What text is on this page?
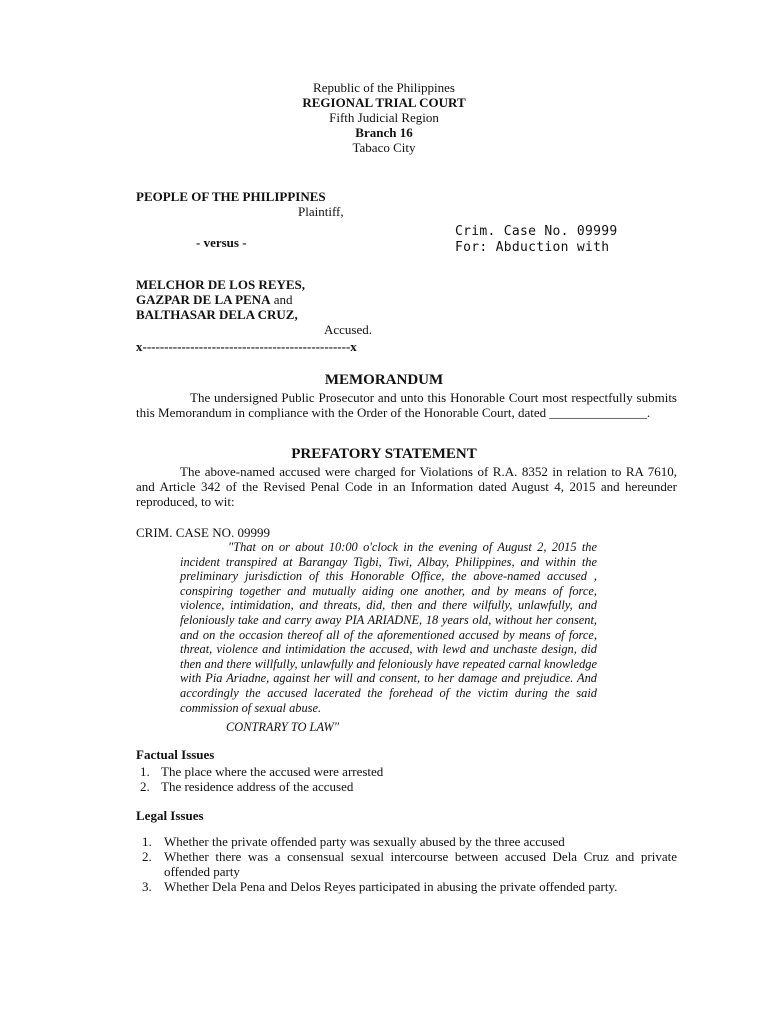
Republic of the Philippines
REGIONAL TRIAL COURT
Fifth Judicial Region
Branch 16
Tabaco City
PEOPLE OF THE PHILIPPINES
Plaintiff,
- versus -
Crim. Case No. 09999
For: Abduction with
MELCHOR DE LOS REYES,
GAZPAR DE LA PENA and
BALTHASAR DELA CRUZ,
Accused.
x------------------------------------------------x
MEMORANDUM
The undersigned Public Prosecutor and unto this Honorable Court most respectfully submits this Memorandum in compliance with the Order of the Honorable Court, dated _______________.
PREFATORY STATEMENT
The above-named accused were charged for Violations of R.A. 8352 in relation to RA 7610, and Article 342 of the Revised Penal Code in an Information dated August 4, 2015 and hereunder reproduced, to wit:
CRIM. CASE NO. 09999
"That on or about 10:00 o'clock in the evening of August 2, 2015 the incident transpired at Barangay Tigbi, Tiwi, Albay, Philippines, and within the preliminary jurisdiction of this Honorable Office, the above-named accused , conspiring together and mutually aiding one another, and by means of force, violence, intimidation, and threats, did, then and there wilfully, unlawfully, and feloniously take and carry away PIA ARIADNE, 18 years old, without her consent, and on the occasion thereof all of the aforementioned accused by means of force, threat, violence and intimidation the accused, with lewd and unchaste design, did then and there willfully, unlawfully and feloniously have repeated carnal knowledge with Pia Ariadne, against her will and consent, to her damage and prejudice. And accordingly the accused lacerated the forehead of the victim during the said commission of sexual abuse.
CONTRARY TO LAW"
Factual Issues
1. The place where the accused were arrested
2. The residence address of the accused
Legal Issues
1. Whether the private offended party was sexually abused by the three accused
2. Whether there was a consensual sexual intercourse between accused Dela Cruz and private offended party
3. Whether Dela Pena and Delos Reyes participated in abusing the private offended party.
